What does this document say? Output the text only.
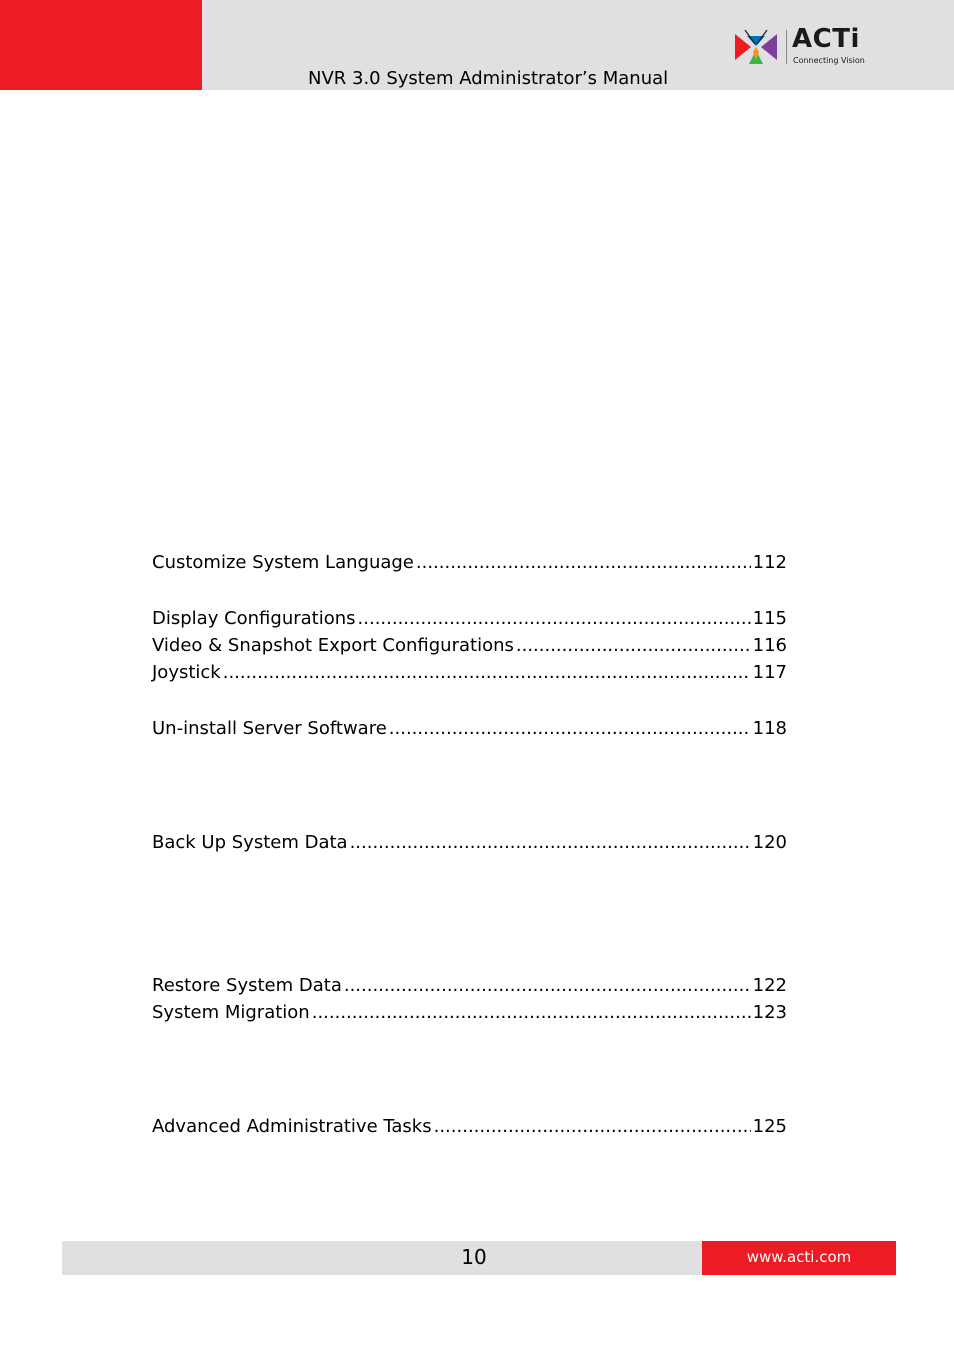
NVR 3.0 System Administrator’s Manual
ACTi
Connecting Vision
Customize System Language .....	112
Display Configurations .....	115
Video & Snapshot Export Configurations .....	116
Joystick .....	117
Un-install Server Software .....	118
Back Up System Data .....	120
Restore System Data .....	122
System Migration .....	123
Advanced Administrative Tasks .....	125
10	www.acti.com
